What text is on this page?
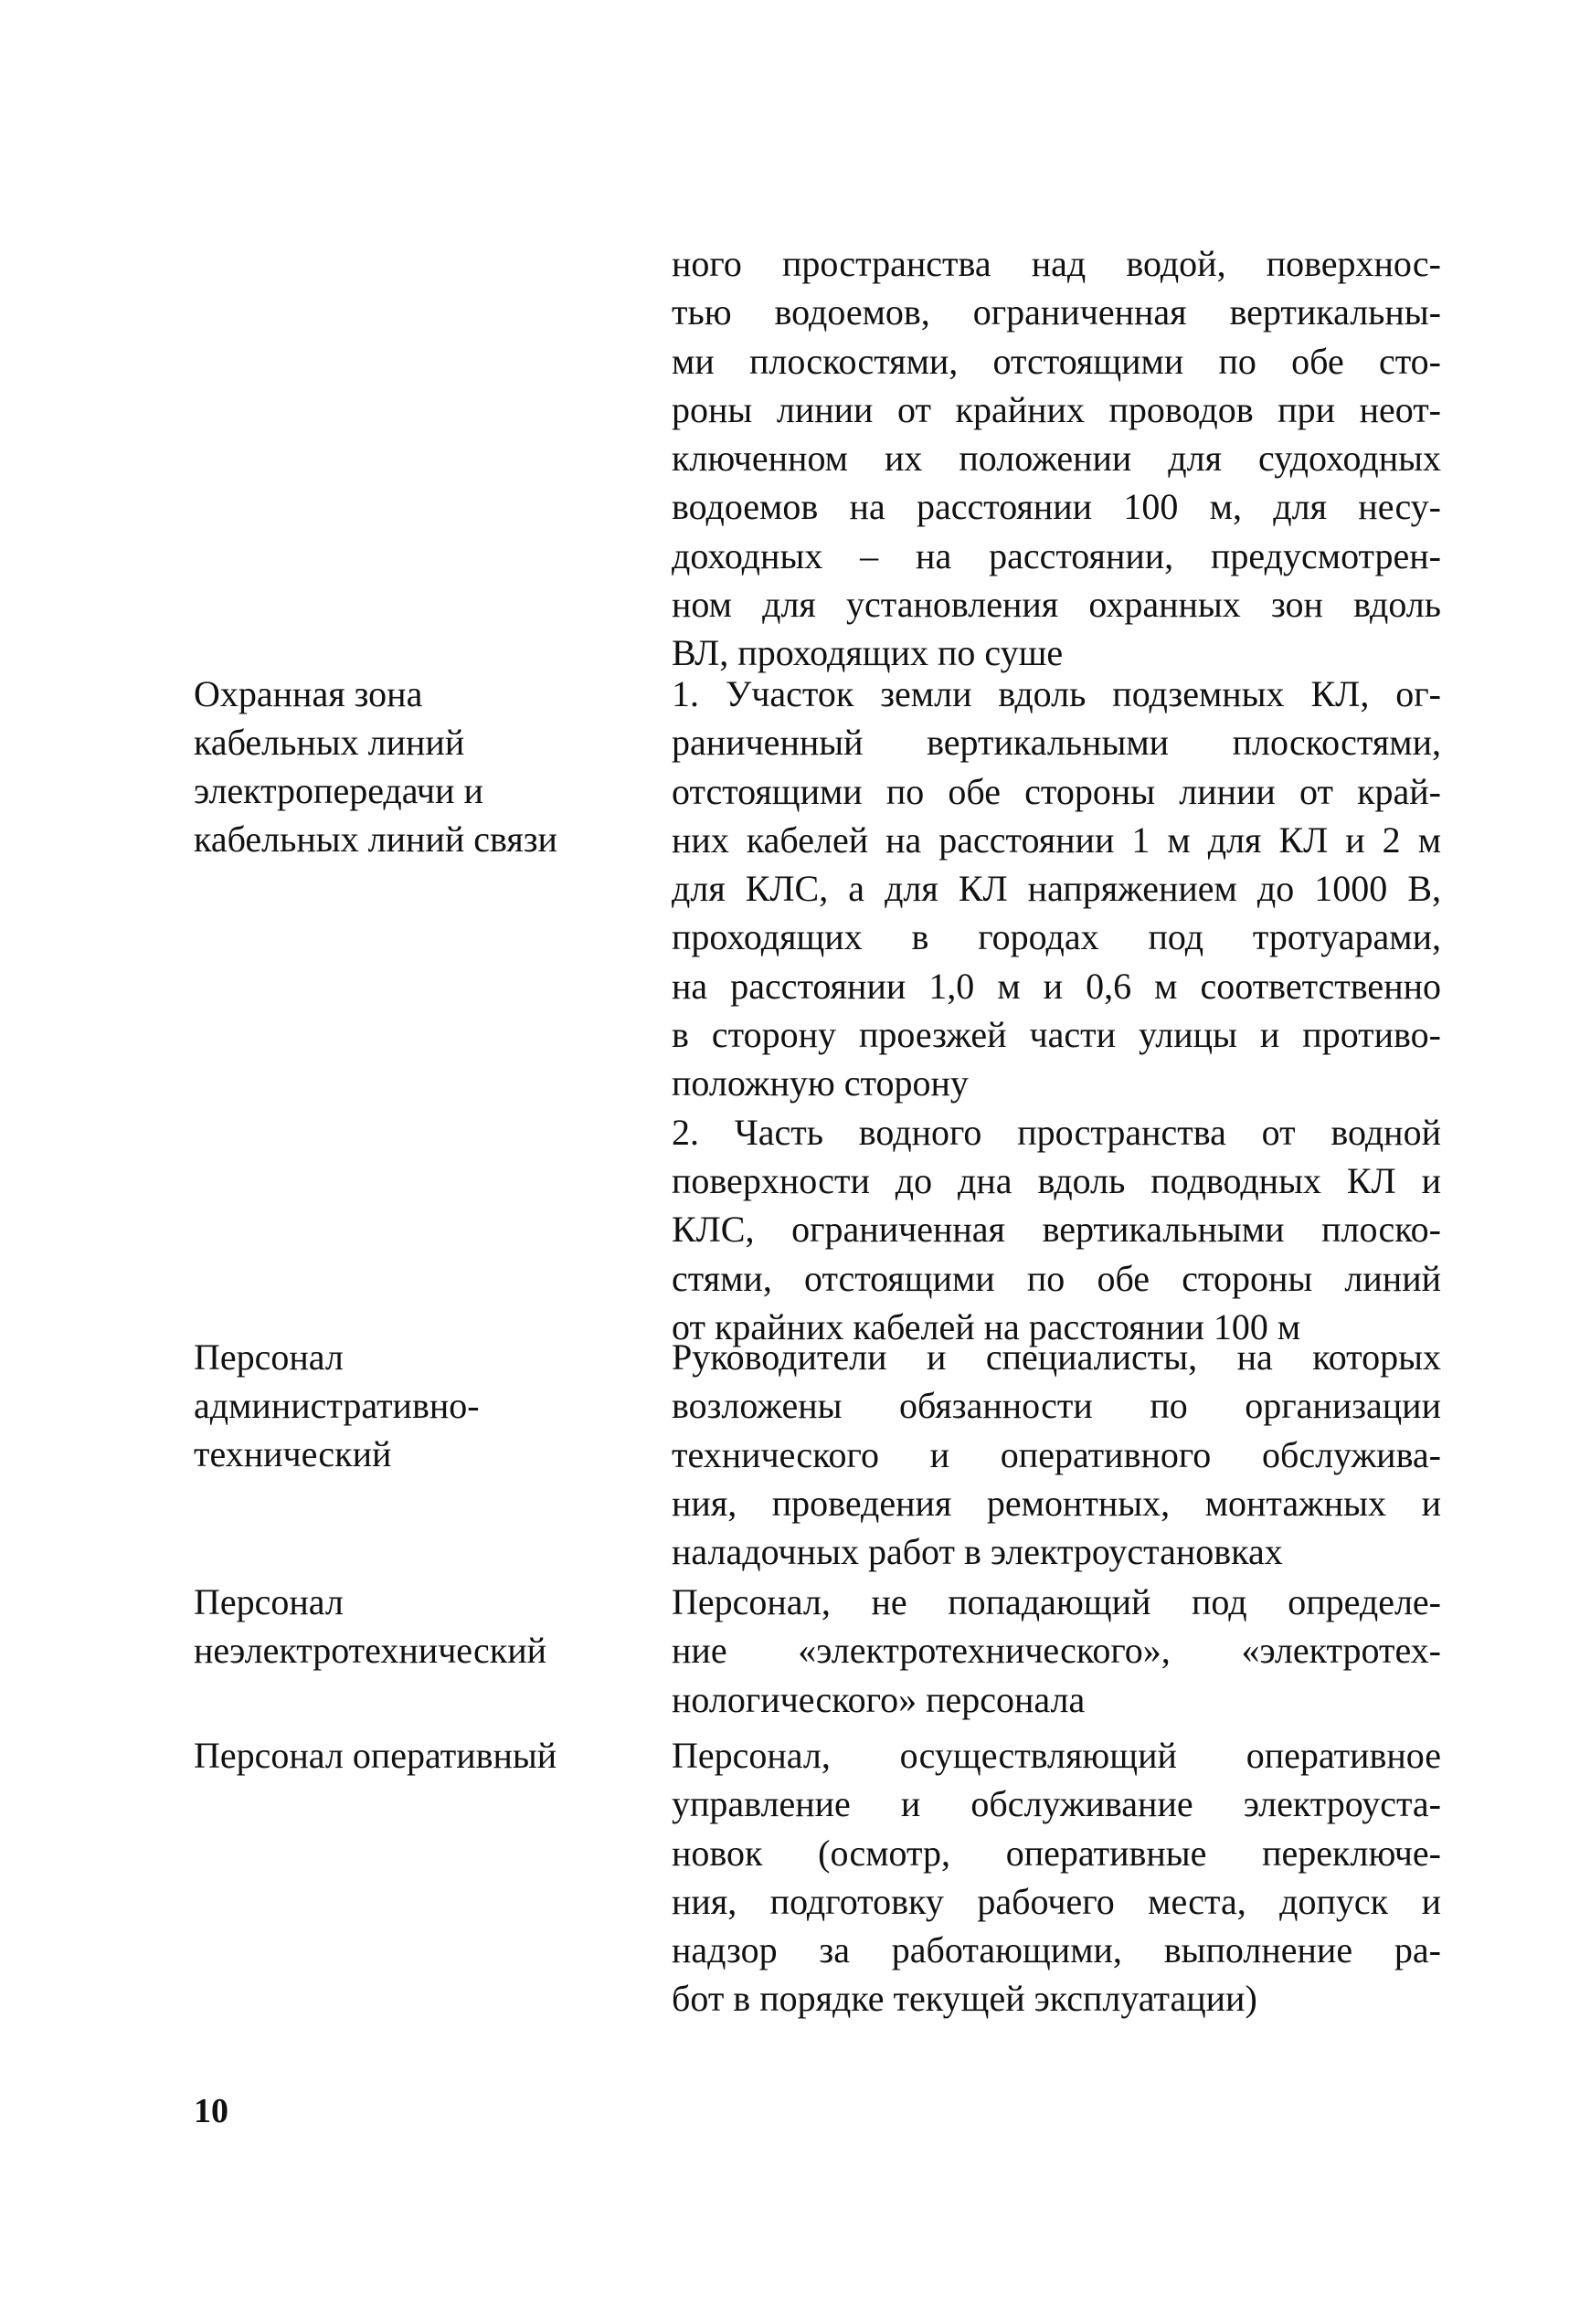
ного пространства над водой, поверхнос-
тью водоемов, ограниченная вертикальны-
ми плоскостями, отстоящими по обе сто-
роны линии от крайних проводов при неот-
ключенном их положении для судоходных
водоемов на расстоянии 100 м, для несу-
доходных – на расстоянии, предусмотрен-
ном для установления охранных зон вдоль
ВЛ, проходящих по суше
Охранная зона
кабельных линий
электропередачи и
кабельных линий связи
1. Участок земли вдоль подземных КЛ, ог-
раниченный вертикальными плоскостями,
отстоящими по обе стороны линии от край-
них кабелей на расстоянии 1 м для КЛ и 2 м
для КЛС, а для КЛ напряжением до 1000 В,
проходящих в городах под тротуарами,
на расстоянии 1,0 м и 0,6 м соответственно
в сторону проезжей части улицы и противо-
положную сторону
2. Часть водного пространства от водной
поверхности до дна вдоль подводных КЛ и
КЛС, ограниченная вертикальными плоско-
стями, отстоящими по обе стороны линий
от крайних кабелей на расстоянии 100 м
Персонал
административно-
технический
Руководители и специалисты, на которых
возложены обязанности по организации
технического и оперативного обслужива-
ния, проведения ремонтных, монтажных и
наладочных работ в электроустановках
Персонал
неэлектротехнический
Персонал, не попадающий под определе-
ние «электротехнического», «электротех-
нологического» персонала
Персонал оперативный	Персонал, осуществляющий оперативное
управление и обслуживание электроуста-
новок (осмотр, оперативные переключе-
ния, подготовку рабочего места, допуск и
надзор за работающими, выполнение ра-
бот в порядке текущей эксплуатации)
10
